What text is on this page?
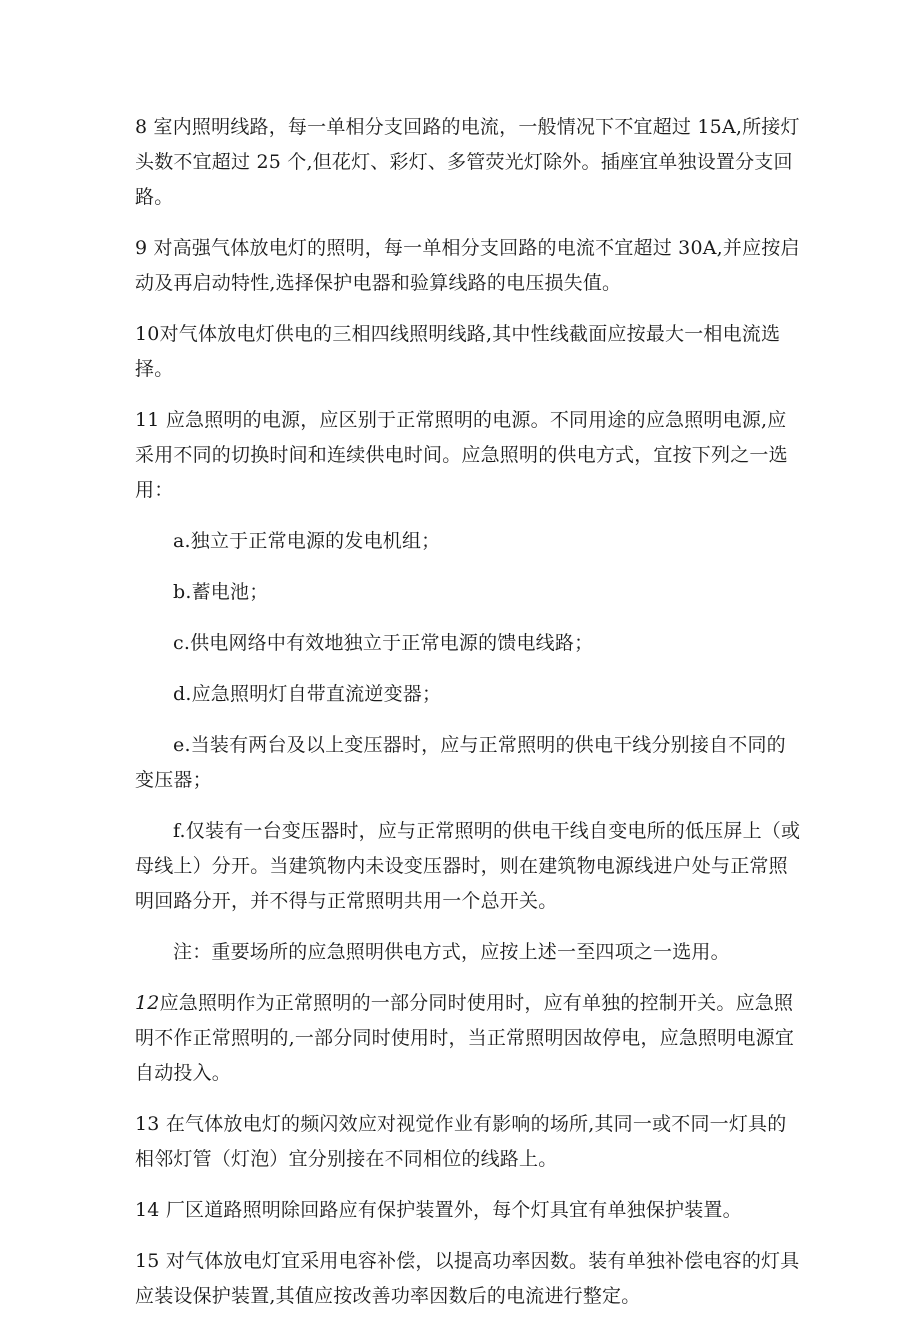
8 室内照明线路，每一单相分支回路的电流，一般情况下不宜超过 15A,所接灯头数不宜超过 25 个,但花灯、彩灯、多管荧光灯除外。插座宜单独设置分支回路。

9 对高强气体放电灯的照明，每一单相分支回路的电流不宜超过 30A,并应按启动及再启动特性,选择保护电器和验算线路的电压损失值。

10对气体放电灯供电的三相四线照明线路,其中性线截面应按最大一相电流选择。

11 应急照明的电源，应区别于正常照明的电源。不同用途的应急照明电源,应采用不同的切换时间和连续供电时间。应急照明的供电方式，宜按下列之一选用：

a.独立于正常电源的发电机组；

b.蓄电池；

c.供电网络中有效地独立于正常电源的馈电线路；

d.应急照明灯自带直流逆变器；

e.当装有两台及以上变压器时，应与正常照明的供电干线分别接自不同的变压器；

f.仅装有一台变压器时，应与正常照明的供电干线自变电所的低压屏上（或母线上）分开。当建筑物内未设变压器时，则在建筑物电源线进户处与正常照明回路分开，并不得与正常照明共用一个总开关。

注：重要场所的应急照明供电方式，应按上述一至四项之一选用。

12应急照明作为正常照明的一部分同时使用时，应有单独的控制开关。应急照明不作正常照明的,一部分同时使用时，当正常照明因故停电，应急照明电源宜自动投入。

13 在气体放电灯的频闪效应对视觉作业有影响的场所,其同一或不同一灯具的相邻灯管（灯泡）宜分别接在不同相位的线路上。

14 厂区道路照明除回路应有保护装置外，每个灯具宜有单独保护装置。

15 对气体放电灯宜采用电容补偿，以提高功率因数。装有单独补偿电容的灯具应装设保护装置,其值应按改善功率因数后的电流进行整定。
